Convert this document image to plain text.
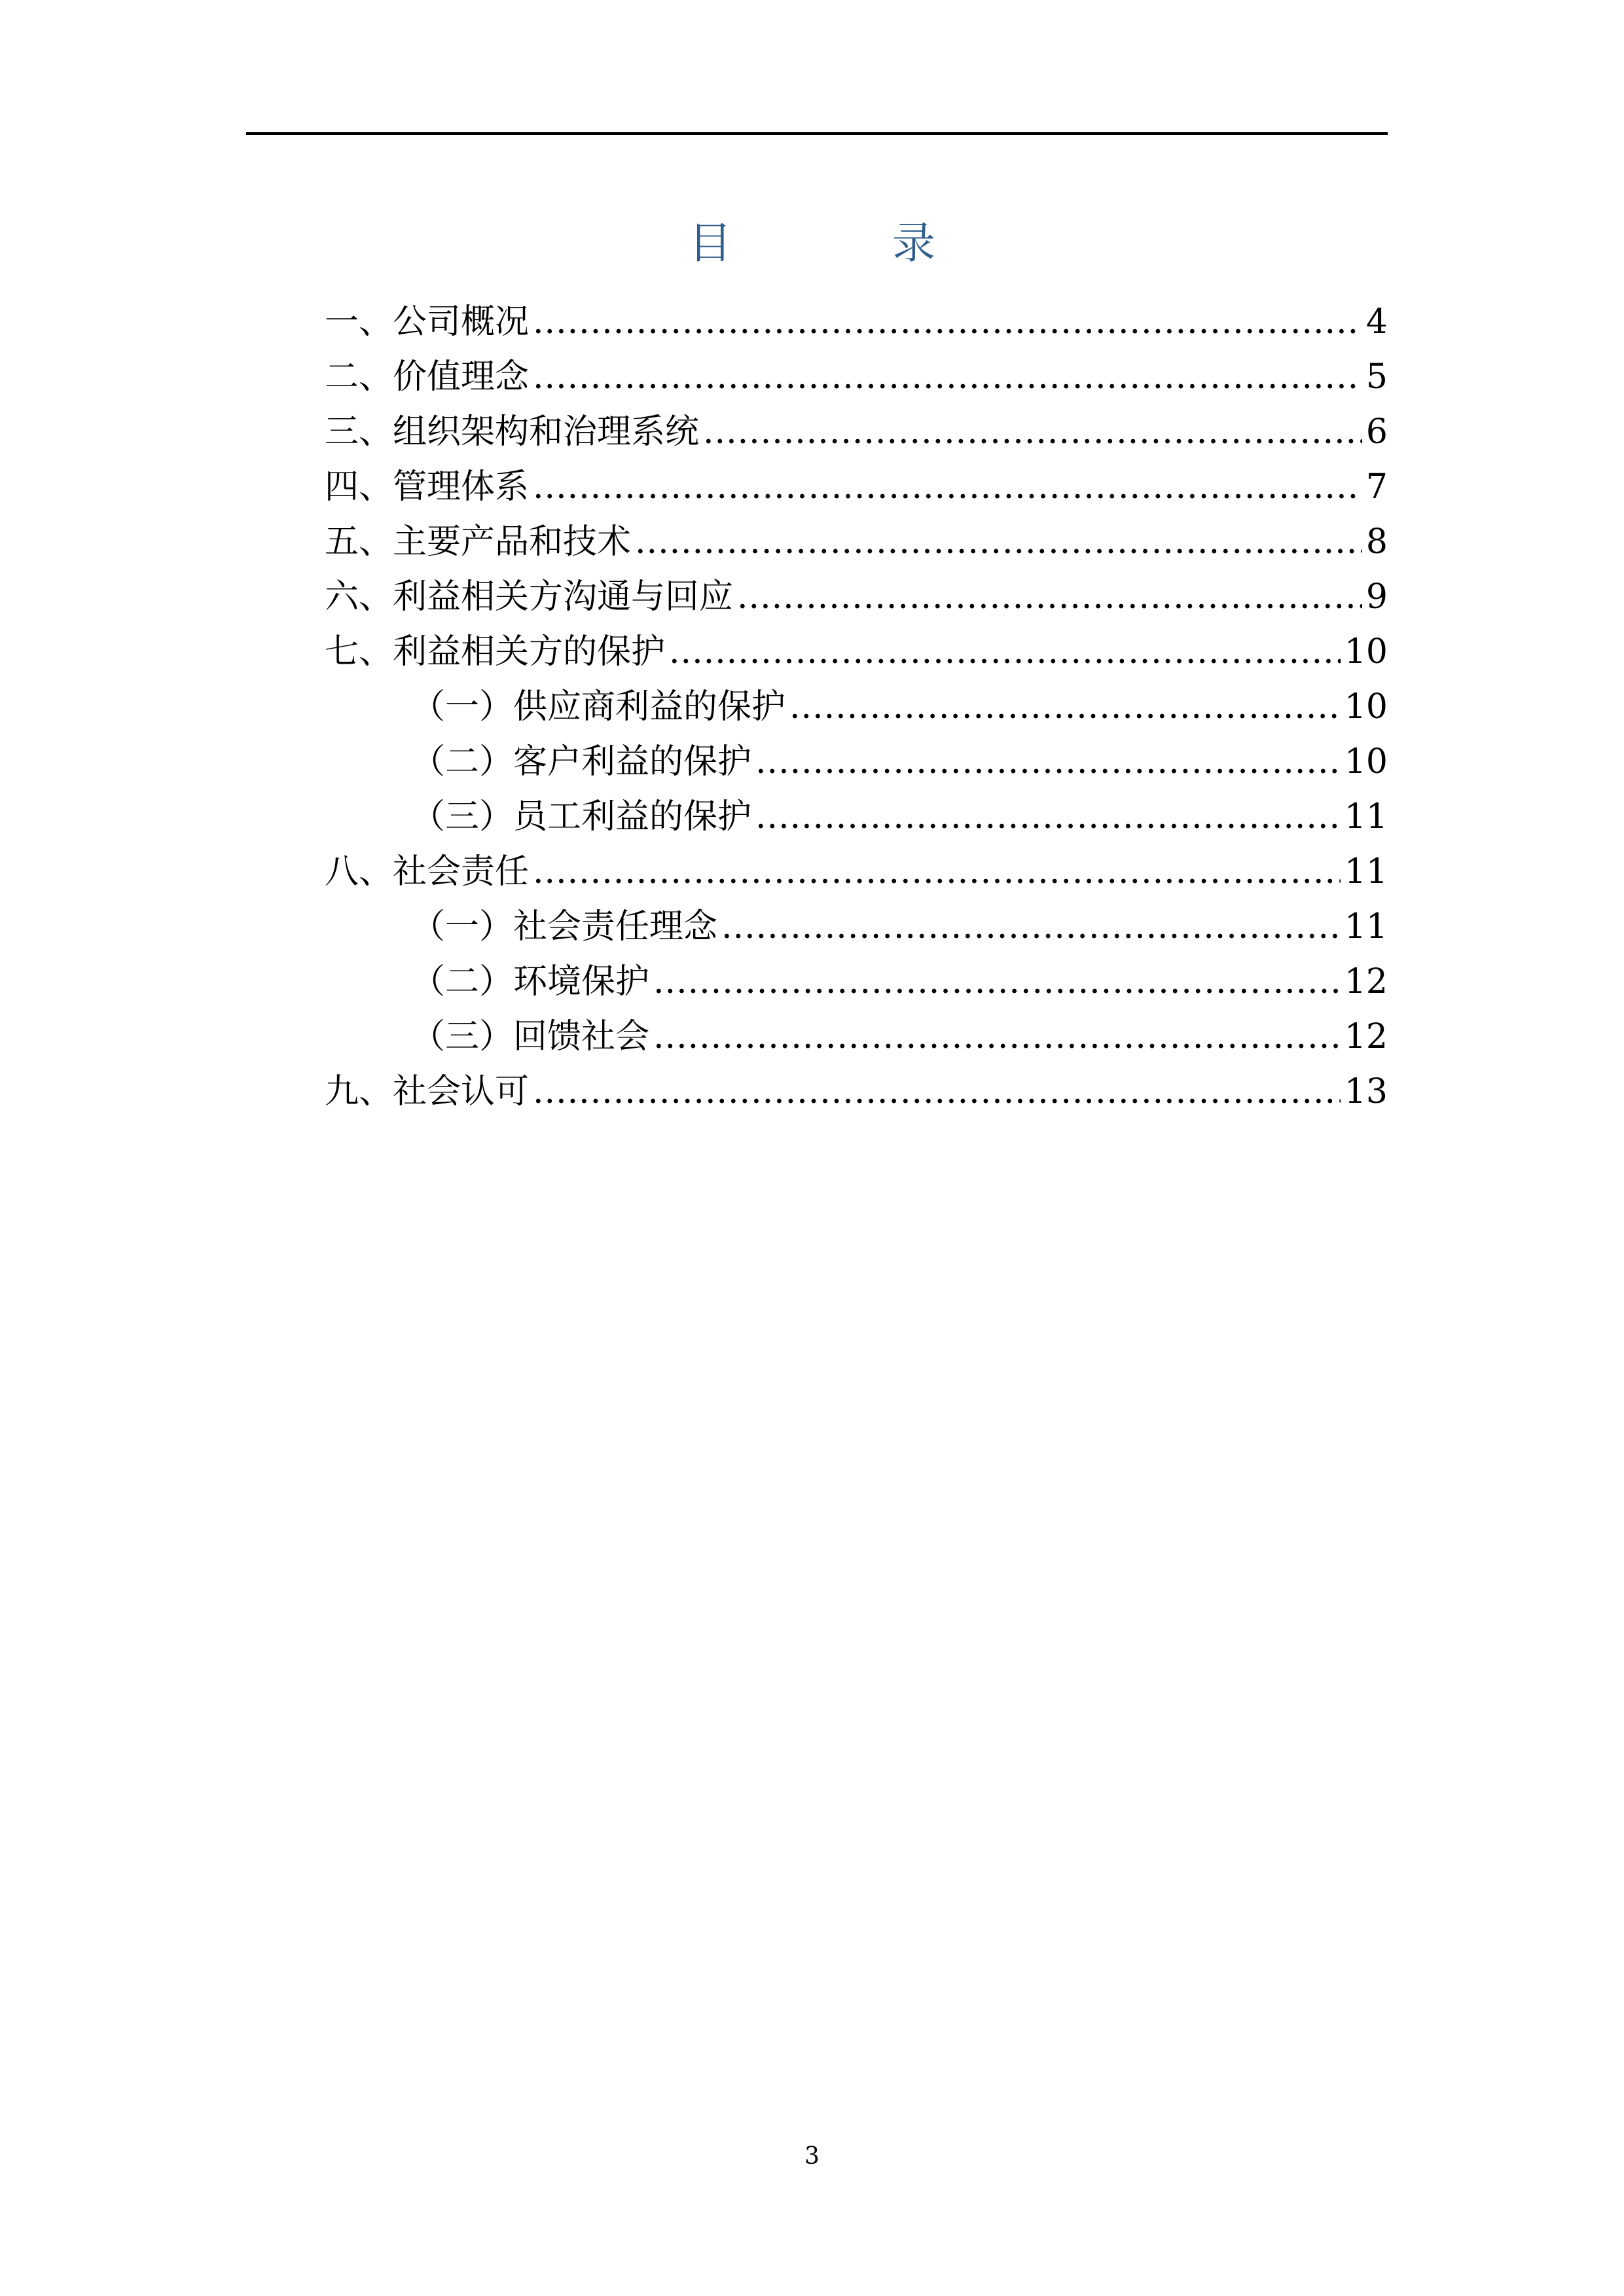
目 录
一、公司概况 .....	4
二、价值理念 .....	5
三、组织架构和治理系统 .....	6
四、管理体系 .....	7
五、主要产品和技术 .....	8
六、利益相关方沟通与回应 .....	9
七、利益相关方的保护 .....	10
（一）供应商利益的保护 .....	10
（二）客户利益的保护 .....	10
（三）员工利益的保护 .....	11
八、社会责任 .....	11
（一）社会责任理念 .....	11
（二）环境保护 .....	12
（三）回馈社会 .....	12
九、社会认可 .....	13
3
